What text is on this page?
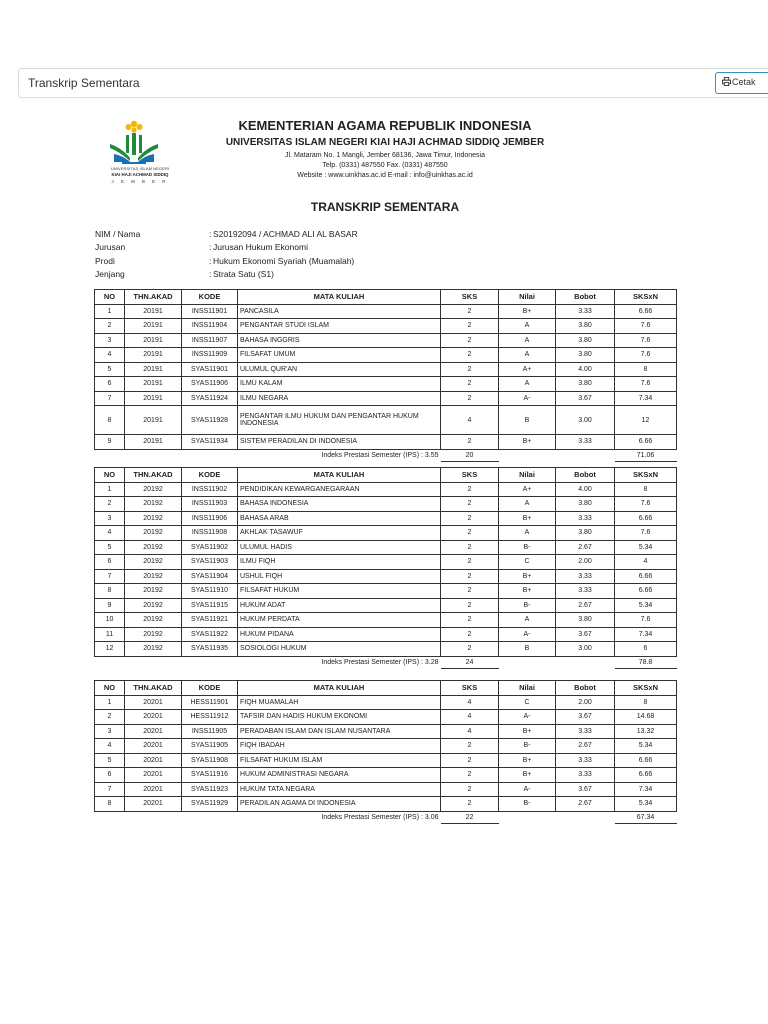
Transkrip Sementara	Cetak
UNIVERSITAS ISLAM NEGERI
KIAI HAJI ACHMAD SIDDIQ
J E M B E R
KEMENTERIAN AGAMA REPUBLIK INDONESIA
UNIVERSITAS ISLAM NEGERI KIAI HAJI ACHMAD SIDDIQ JEMBER
Jl. Mataram No. 1 Mangli, Jember 68136, Jawa Timur, Indonesia
Telp. (0331) 487550 Fax. (0331) 487550
Website : www.uinkhas.ac.id E-mail : info@uinkhas.ac.id
TRANSKRIP SEMENTARA
NIM / Nama	: S20192094 / ACHMAD ALI AL BASAR
Jurusan	: Jurusan Hukum Ekonomi
Prodi	: Hukum Ekonomi Syariah (Muamalah)
Jenjang	: Strata Satu (S1)
NO	THN.AKAD	KODE	MATA KULIAH	SKS	Nilai	Bobot	SKSxN
1	20191	INSS11901	PANCASILA	2	B+	3.33	6.66
2	20191	INSS11904	PENGANTAR STUDI ISLAM	2	A	3.80	7.6
3	20191	INSS11907	BAHASA INGGRIS	2	A	3.80	7.6
4	20191	INSS11909	FILSAFAT UMUM	2	A	3.80	7.6
5	20191	SYAS11901	ULUMUL QUR'AN	2	A+	4.00	8
6	20191	SYAS11906	ILMU KALAM	2	A	3.80	7.6
7	20191	SYAS11924	ILMU NEGARA	2	A-	3.67	7.34
8	20191	SYAS11928	PENGANTAR ILMU HUKUM DAN PENGANTAR HUKUM INDONESIA	4	B	3.00	12
9	20191	SYAS11934	SISTEM PERADILAN DI INDONESIA	2	B+	3.33	6.66
Indeks Prestasi Semester (IPS) : 3.55				20			71.06
NO	THN.AKAD	KODE	MATA KULIAH	SKS	Nilai	Bobot	SKSxN
1	20192	INSS11902	PENDIDIKAN KEWARGANEGARAAN	2	A+	4.00	8
2	20192	INSS11903	BAHASA INDONESIA	2	A	3.80	7.6
3	20192	INSS11906	BAHASA ARAB	2	B+	3.33	6.66
4	20192	INSS11908	AKHLAK TASAWUF	2	A	3.80	7.6
5	20192	SYAS11902	ULUMUL HADIS	2	B-	2.67	5.34
6	20192	SYAS11903	ILMU FIQH	2	C	2.00	4
7	20192	SYAS11904	USHUL FIQH	2	B+	3.33	6.66
8	20192	SYAS11910	FILSAFAT HUKUM	2	B+	3.33	6.66
9	20192	SYAS11915	HUKUM ADAT	2	B-	2.67	5.34
10	20192	SYAS11921	HUKUM PERDATA	2	A	3.80	7.6
11	20192	SYAS11922	HUKUM PIDANA	2	A-	3.67	7.34
12	20192	SYAS11935	SOSIOLOGI HUKUM	2	B	3.00	6
Indeks Prestasi Semester (IPS) : 3.28				24			78.8
NO	THN.AKAD	KODE	MATA KULIAH	SKS	Nilai	Bobot	SKSxN
1	20201	HESS11901	FIQH MUAMALAH	4	C	2.00	8
2	20201	HESS11912	TAFSIR DAN HADIS HUKUM EKONOMI	4	A-	3.67	14.68
3	20201	INSS11905	PERADABAN ISLAM DAN ISLAM NUSANTARA	4	B+	3.33	13.32
4	20201	SYAS11905	FIQH IBADAH	2	B-	2.67	5.34
5	20201	SYAS11908	FILSAFAT HUKUM ISLAM	2	B+	3.33	6.66
6	20201	SYAS11916	HUKUM ADMINISTRASI NEGARA	2	B+	3.33	6.66
7	20201	SYAS11923	HUKUM TATA NEGARA	2	A-	3.67	7.34
8	20201	SYAS11929	PERADILAN AGAMA DI INDONESIA	2	B-	2.67	5.34
Indeks Prestasi Semester (IPS) : 3.06				22			67.34
